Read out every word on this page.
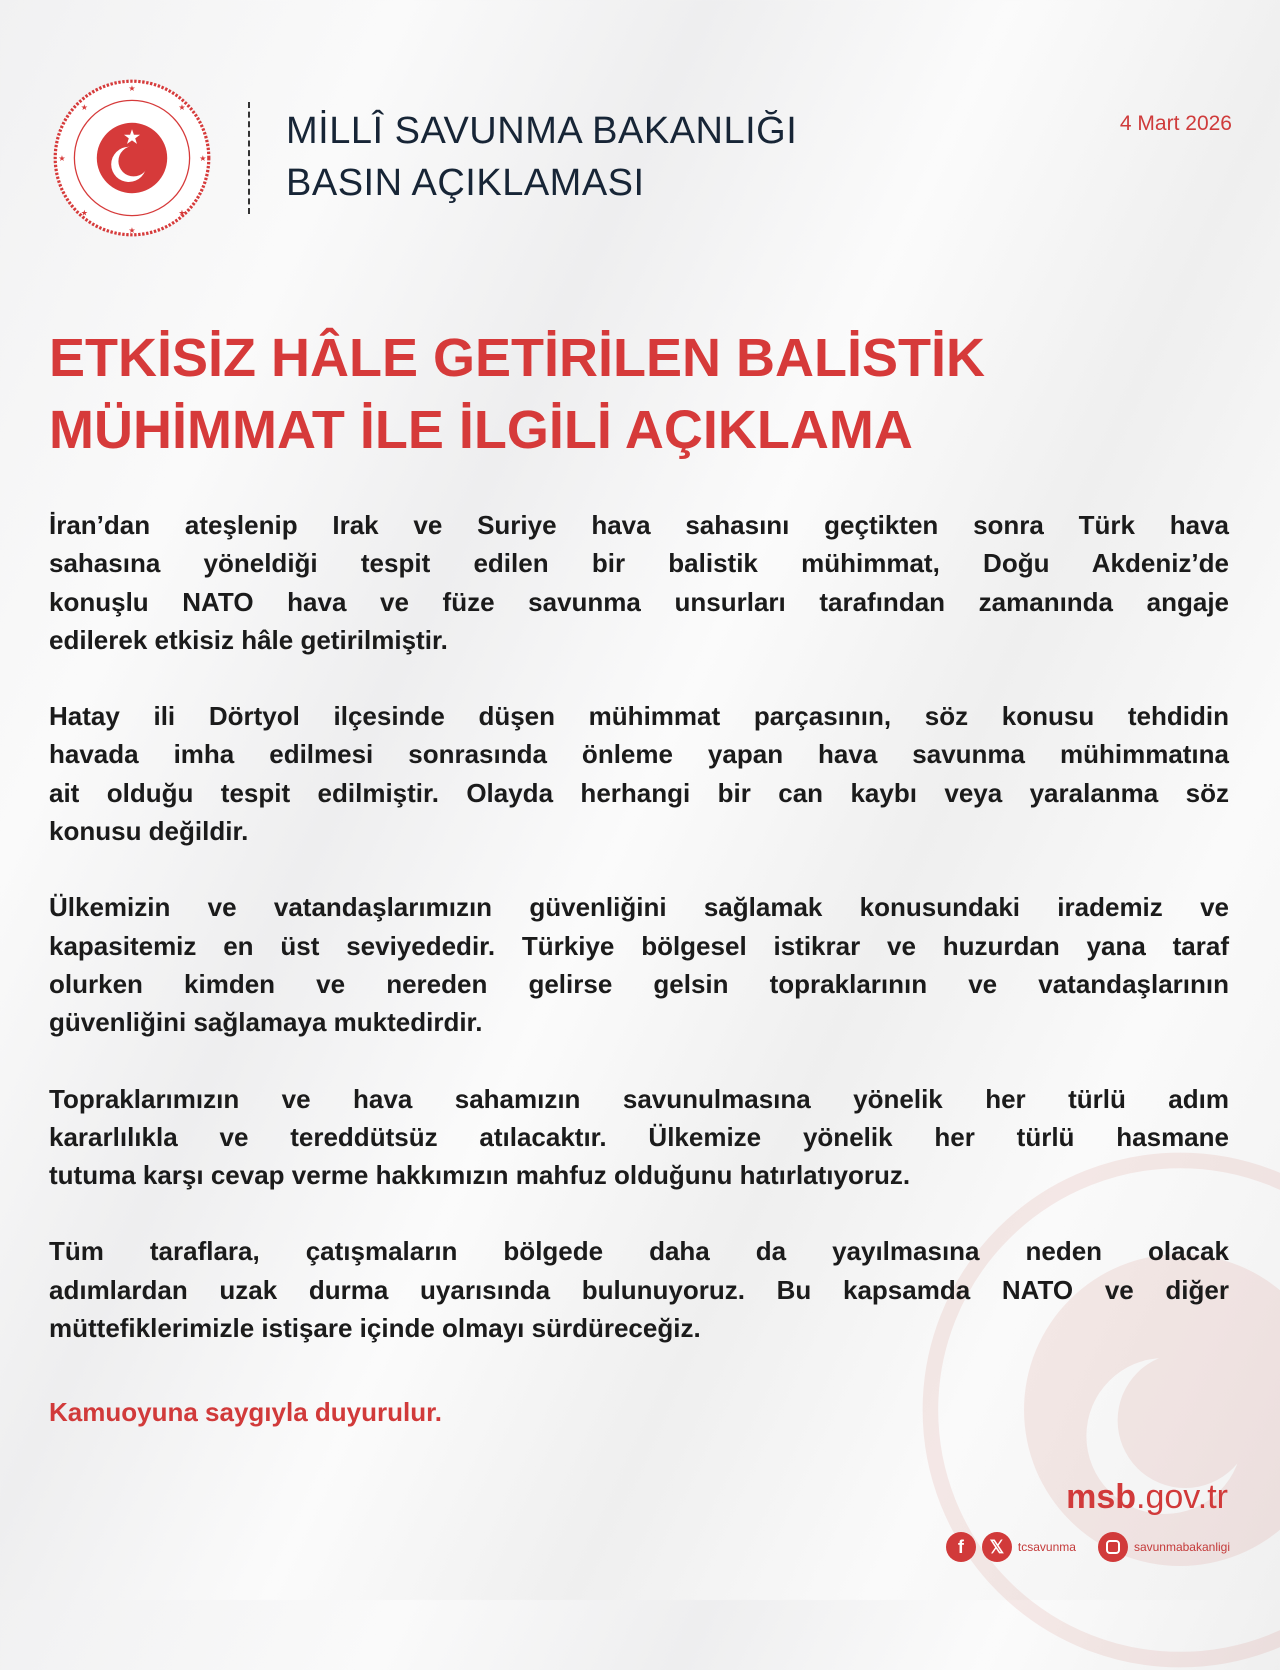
★
★
★	★
★	★
★	★
MİLLÎ SAVUNMA BAKANLIĞI
BASIN AÇIKLAMASI
4 Mart 2026
ETKİSİZ HÂLE GETİRİLEN BALİSTİK
MÜHİMMAT İLE İLGİLİ AÇIKLAMA
İran’dan ateşlenip Irak ve Suriye hava sahasını geçtikten sonra Türk hava
sahasına yöneldiği tespit edilen bir balistik mühimmat, Doğu Akdeniz’de
konuşlu NATO hava ve füze savunma unsurları tarafından zamanında angaje
edilerek etkisiz hâle getirilmiştir.
Hatay ili Dörtyol ilçesinde düşen mühimmat parçasının, söz konusu tehdidin
havada imha edilmesi sonrasında önleme yapan hava savunma mühimmatına
ait olduğu tespit edilmiştir. Olayda herhangi bir can kaybı veya yaralanma söz
konusu değildir.
Ülkemizin ve vatandaşlarımızın güvenliğini sağlamak konusundaki irademiz ve
kapasitemiz en üst seviyededir. Türkiye bölgesel istikrar ve huzurdan yana taraf
olurken kimden ve nereden gelirse gelsin topraklarının ve vatandaşlarının
güvenliğini sağlamaya muktedirdir.
Topraklarımızın ve hava sahamızın savunulmasına yönelik her türlü adım
kararlılıkla ve tereddütsüz atılacaktır. Ülkemize yönelik her türlü hasmane
tutuma karşı cevap verme hakkımızın mahfuz olduğunu hatırlatıyoruz.
Tüm taraflara, çatışmaların bölgede daha da yayılmasına neden olacak
adımlardan uzak durma uyarısında bulunuyoruz. Bu kapsamda NATO ve diğer
müttefiklerimizle istişare içinde olmayı sürdüreceğiz.
Kamuoyuna saygıyla duyurulur.
msb.gov.tr
f	𝕏	tcsavunma	savunmabakanligi
